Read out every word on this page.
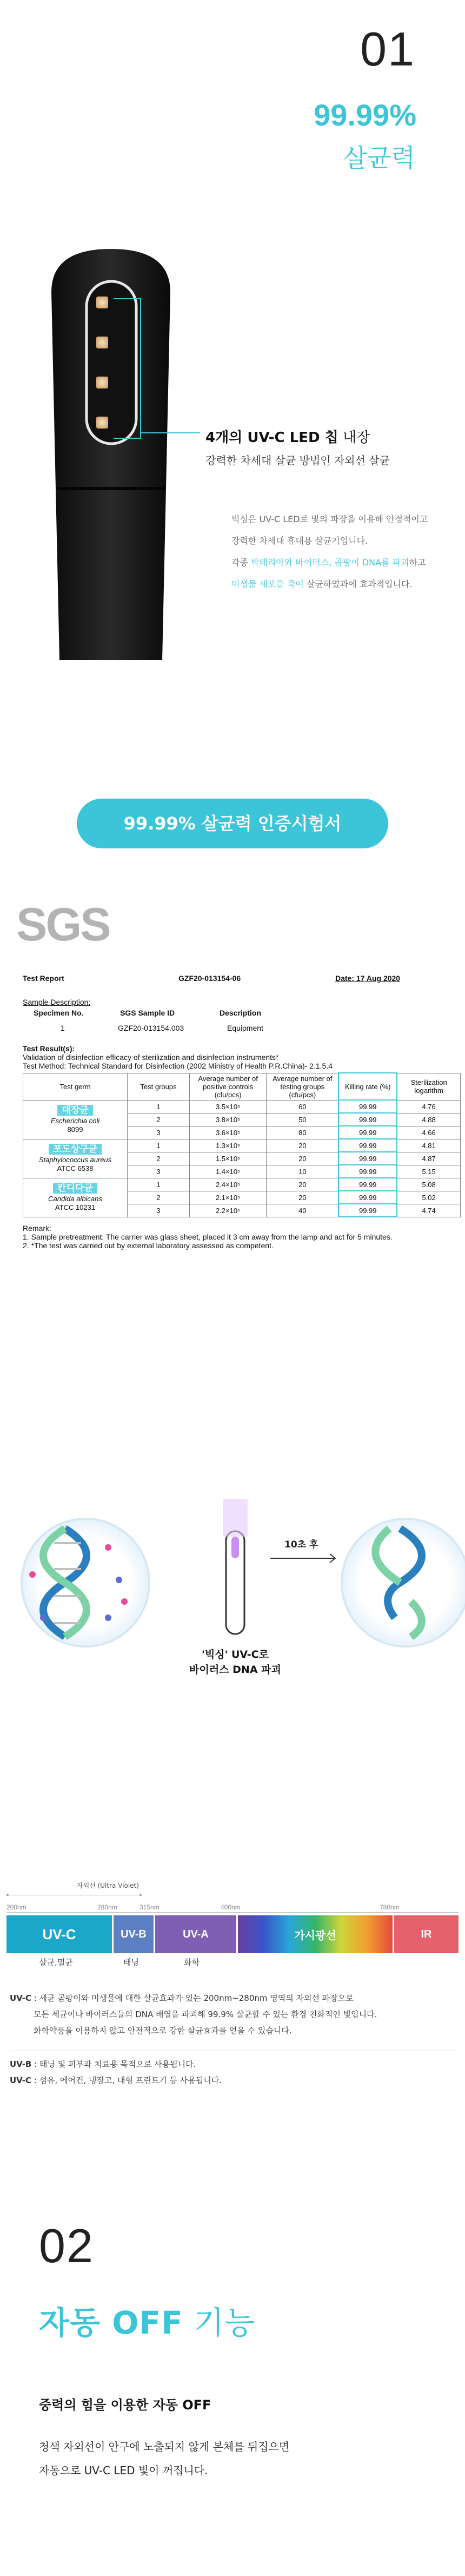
01
99.99%
살균력
4개의 UV-C LED 칩 내장
강력한 차세대 살균 방법인 자외선 살균
빅싱은 UV-C LED로 빛의 파장을 이용해 안정적이고
강력한 차세대 휴대용 살균기입니다.
각종 박테리아와 바이러스, 곰팡이 DNA를 파괴하고
미생물 세포를 죽여 살균하였과에 효과적입니다.
99.99% 살균력 인증시험서
SGS
Test Report	GZF20-013154-06	Date: 17 Aug 2020
Sample Description:
Specimen No.	SGS Sample ID	Description
1	GZF20-013154.003	Equipment
Test Result(s):
Validation of disinfection efficacy of sterilization and disinfection instruments*
Test Method: Technical Standard for Disinfection (2002 Ministry of Health P.R.China)- 2.1.5.4
Test germ	Test groups	Average number of positive controls (cfu/pcs)	Average number of testing groups (cfu/pcs)	Killing rate (%)	Sterilization logarithm
대장균
Escherichia coli
8099	1	3.5×10⁵	60	99.99	4.76
	2	3.8×10⁵	50	99.99	4.88
	3	3.6×10⁵	80	99.99	4.66
포도상구균
Staphylococcus aureus
ATCC 6538	1	1.3×10⁵	20	99.99	4.81
	2	1.5×10⁵	20	99.99	4.87
	3	1.4×10⁵	10	99.99	5.15
칸디다균
Candida albicans
ATCC 10231	1	2.4×10⁵	20	99.99	5.08
	2	2.1×10⁵	20	99.99	5.02
	3	2.2×10⁵	40	99.99	4.74
Remark:
1. Sample pretreatment: The carrier was glass sheet, placed it 3 cm away from the lamp and act for 5 minutes.
2. *The test was carried out by external laboratory assessed as competent.
10초 후
'빅싱' UV-C로
바이러스 DNA 파괴
자외선 (Ultra Violet)
200nm	280nm	315nm	400nm	780nm
UV-C	UV-B	UV-A	가시광선	IR
살균,멸균	태닝	화학
UV-C : 세균 곰팡이와 미생물에 대한 살균효과가 있는 200nm~280nm 영역의 자외선 파장으로
모든 세균이나 바이러스들의 DNA 배열을 파괴해 99.9% 살균할 수 있는 환경 친화적인 빛입니다.
화학약품을 이용하지 않고 안전적으로 강한 살균효과를 얻을 수 있습니다.
UV-B : 태닝 및 피부과 치료용 목적으로 사용됩니다.
UV-C : 섬유, 에어컨, 냉장고, 대형 프린트기 등 사용됩니다.
02
자동 OFF 기능
중력의 힘을 이용한 자동 OFF
청색 자외선이 안구에 노출되지 않게 본체를 뒤집으면
자동으로 UV-C LED 빛이 꺼집니다.
